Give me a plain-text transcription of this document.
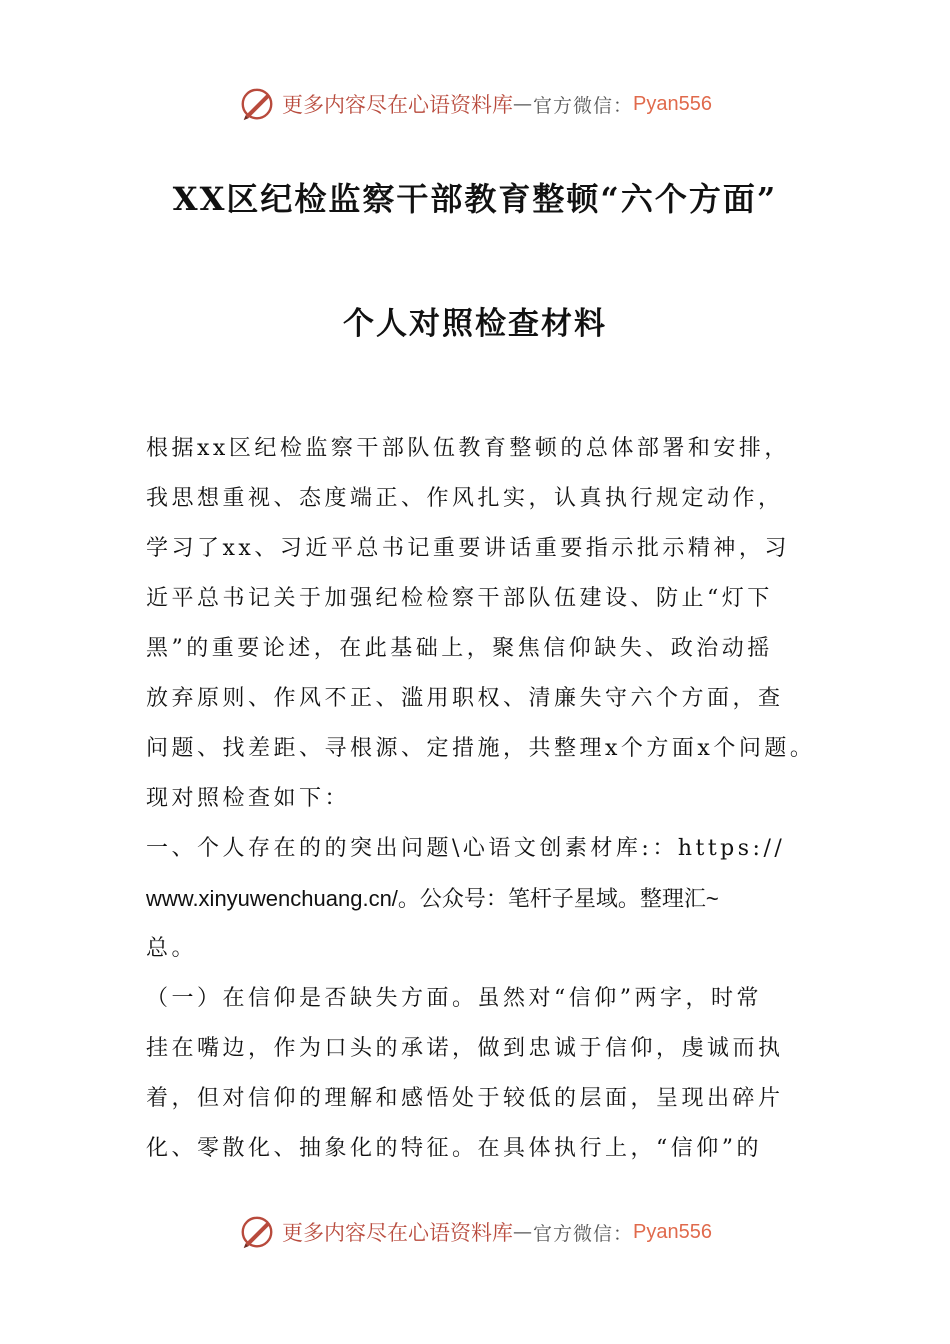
更多内容尽在心语资料库 — 官方微信： Pyan556
XX区纪检监察干部教育整顿“六个方面”
个人对照检查材料
根据xx区纪检监察干部队伍教育整顿的总体部署和安排，
我思想重视、态度端正、作风扎实，认真执行规定动作，
学习了xx、习近平总书记重要讲话重要指示批示精神，习
近平总书记关于加强纪检检察干部队伍建设、防止“灯下
黑”的重要论述，在此基础上，聚焦信仰缺失、政治动摇
放弃原则、作风不正、滥用职权、清廉失守六个方面，查
问题、找差距、寻根源、定措施，共整理x个方面x个问题。
现对照检查如下：
一、个人存在的的突出问题\心语文创素材库:：https://
www.xinyuwenchuang.cn/。公众号：笔杆子星域。整理汇~
总。
（一）在信仰是否缺失方面。虽然对“信仰”两字，时常
挂在嘴边，作为口头的承诺，做到忠诚于信仰，虔诚而执
着，但对信仰的理解和感悟处于较低的层面，呈现出碎片
化、零散化、抽象化的特征。在具体执行上，“信仰”的
更多内容尽在心语资料库 — 官方微信： Pyan556
